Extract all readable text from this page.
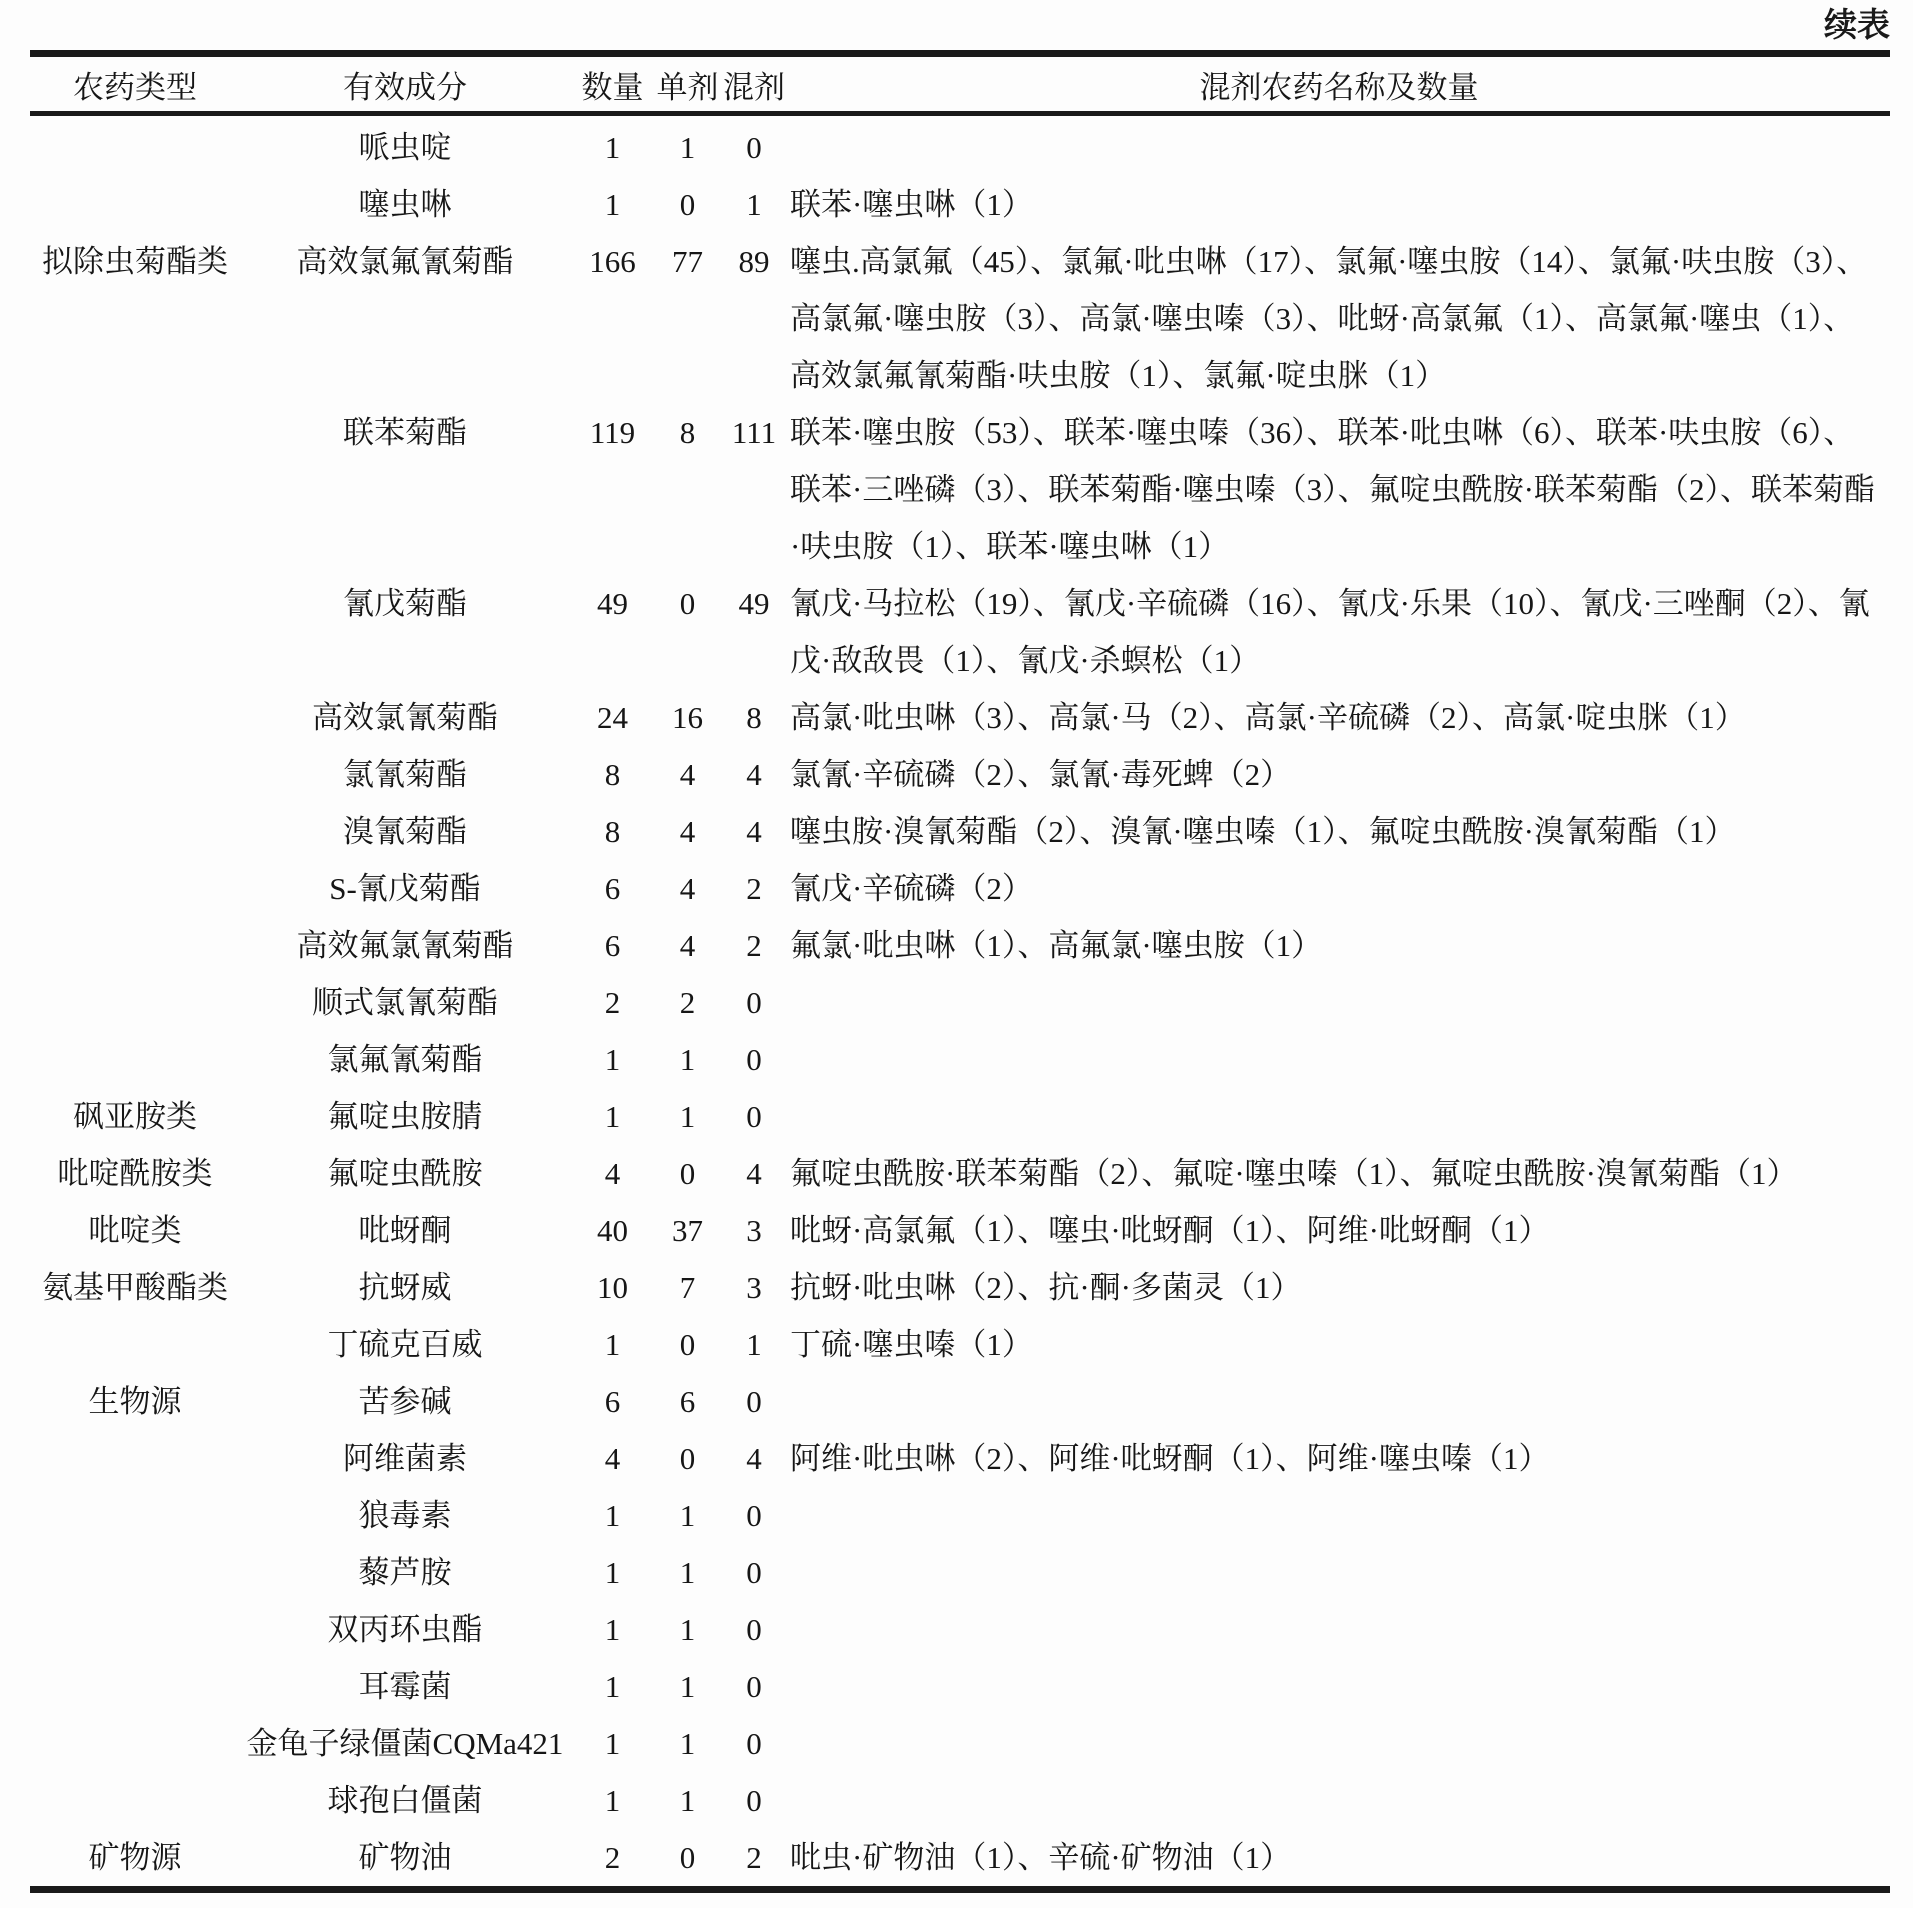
续表
农药类型	有效成分	数量	单剂	混剂	混剂农药名称及数量
	哌虫啶	1	1	0	
	噻虫啉	1	0	1	联苯·噻虫啉（1）
拟除虫菊酯类	高效氯氟氰菊酯	166	77	89	噻虫.高氯氟（45）、氯氟·吡虫啉（17）、氯氟·噻虫胺（14）、氯氟·呋虫胺（3）、高氯氟·噻虫胺（3）、高氯·噻虫嗪（3）、吡蚜·高氯氟（1）、高氯氟·噻虫（1）、高效氯氟氰菊酯·呋虫胺（1）、氯氟·啶虫脒（1）
	联苯菊酯	119	8	111	联苯·噻虫胺（53）、联苯·噻虫嗪（36）、联苯·吡虫啉（6）、联苯·呋虫胺（6）、联苯·三唑磷（3）、联苯菊酯·噻虫嗪（3）、氟啶虫酰胺·联苯菊酯（2）、联苯菊酯·呋虫胺（1）、联苯·噻虫啉（1）
	氰戊菊酯	49	0	49	氰戊·马拉松（19）、氰戊·辛硫磷（16）、氰戊·乐果（10）、氰戊·三唑酮（2）、氰戊·敌敌畏（1）、氰戊·杀螟松（1）
	高效氯氰菊酯	24	16	8	高氯·吡虫啉（3）、高氯·马（2）、高氯·辛硫磷（2）、高氯·啶虫脒（1）
	氯氰菊酯	8	4	4	氯氰·辛硫磷（2）、氯氰·毒死蜱（2）
	溴氰菊酯	8	4	4	噻虫胺·溴氰菊酯（2）、溴氰·噻虫嗪（1）、氟啶虫酰胺·溴氰菊酯（1）
	S-氰戊菊酯	6	4	2	氰戊·辛硫磷（2）
	高效氟氯氰菊酯	6	4	2	氟氯·吡虫啉（1）、高氟氯·噻虫胺（1）
	顺式氯氰菊酯	2	2	0	
	氯氟氰菊酯	1	1	0	
砜亚胺类	氟啶虫胺腈	1	1	0	
吡啶酰胺类	氟啶虫酰胺	4	0	4	氟啶虫酰胺·联苯菊酯（2）、氟啶·噻虫嗪（1）、氟啶虫酰胺·溴氰菊酯（1）
吡啶类	吡蚜酮	40	37	3	吡蚜·高氯氟（1）、噻虫·吡蚜酮（1）、阿维·吡蚜酮（1）
氨基甲酸酯类	抗蚜威	10	7	3	抗蚜·吡虫啉（2）、抗·酮·多菌灵（1）
	丁硫克百威	1	0	1	丁硫·噻虫嗪（1）
生物源	苦参碱	6	6	0	
	阿维菌素	4	0	4	阿维·吡虫啉（2）、阿维·吡蚜酮（1）、阿维·噻虫嗪（1）
	狼毒素	1	1	0	
	藜芦胺	1	1	0	
	双丙环虫酯	1	1	0	
	耳霉菌	1	1	0	
	金龟子绿僵菌CQMa421	1	1	0	
	球孢白僵菌	1	1	0	
矿物源	矿物油	2	0	2	吡虫·矿物油（1）、辛硫·矿物油（1）
